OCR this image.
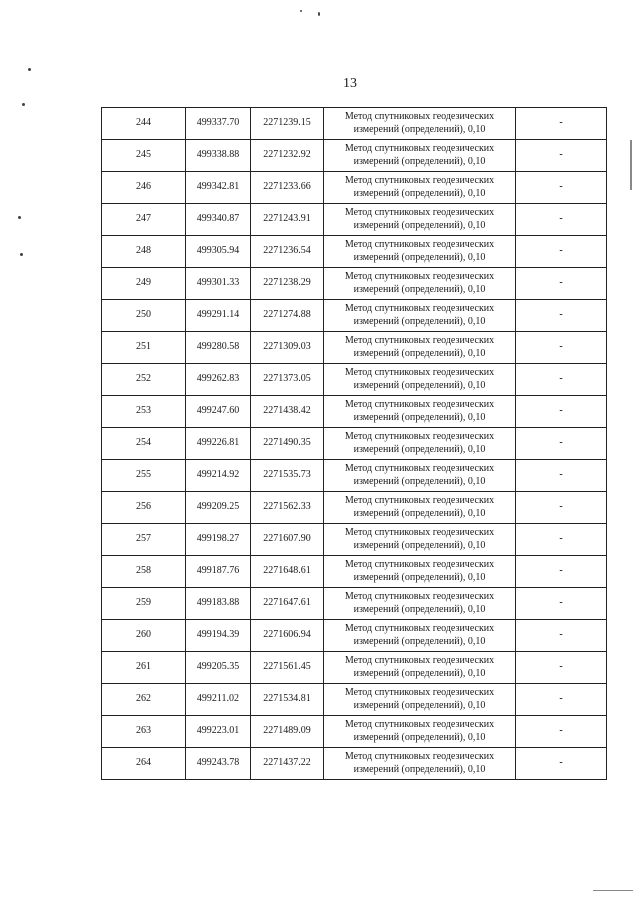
13
244	499337.70	2271239.15	Метод спутниковых геодезических
измерений (определений), 0,10	-
245	499338.88	2271232.92	Метод спутниковых геодезических
измерений (определений), 0,10	-
246	499342.81	2271233.66	Метод спутниковых геодезических
измерений (определений), 0,10	-
247	499340.87	2271243.91	Метод спутниковых геодезических
измерений (определений), 0,10	-
248	499305.94	2271236.54	Метод спутниковых геодезических
измерений (определений), 0,10	-
249	499301.33	2271238.29	Метод спутниковых геодезических
измерений (определений), 0,10	-
250	499291.14	2271274.88	Метод спутниковых геодезических
измерений (определений), 0,10	-
251	499280.58	2271309.03	Метод спутниковых геодезических
измерений (определений), 0,10	-
252	499262.83	2271373.05	Метод спутниковых геодезических
измерений (определений), 0,10	-
253	499247.60	2271438.42	Метод спутниковых геодезических
измерений (определений), 0,10	-
254	499226.81	2271490.35	Метод спутниковых геодезических
измерений (определений), 0,10	-
255	499214.92	2271535.73	Метод спутниковых геодезических
измерений (определений), 0,10	-
256	499209.25	2271562.33	Метод спутниковых геодезических
измерений (определений), 0,10	-
257	499198.27	2271607.90	Метод спутниковых геодезических
измерений (определений), 0,10	-
258	499187.76	2271648.61	Метод спутниковых геодезических
измерений (определений), 0,10	-
259	499183.88	2271647.61	Метод спутниковых геодезических
измерений (определений), 0,10	-
260	499194.39	2271606.94	Метод спутниковых геодезических
измерений (определений), 0,10	-
261	499205.35	2271561.45	Метод спутниковых геодезических
измерений (определений), 0,10	-
262	499211.02	2271534.81	Метод спутниковых геодезических
измерений (определений), 0,10	-
263	499223.01	2271489.09	Метод спутниковых геодезических
измерений (определений), 0,10	-
264	499243.78	2271437.22	Метод спутниковых геодезических
измерений (определений), 0,10	-
